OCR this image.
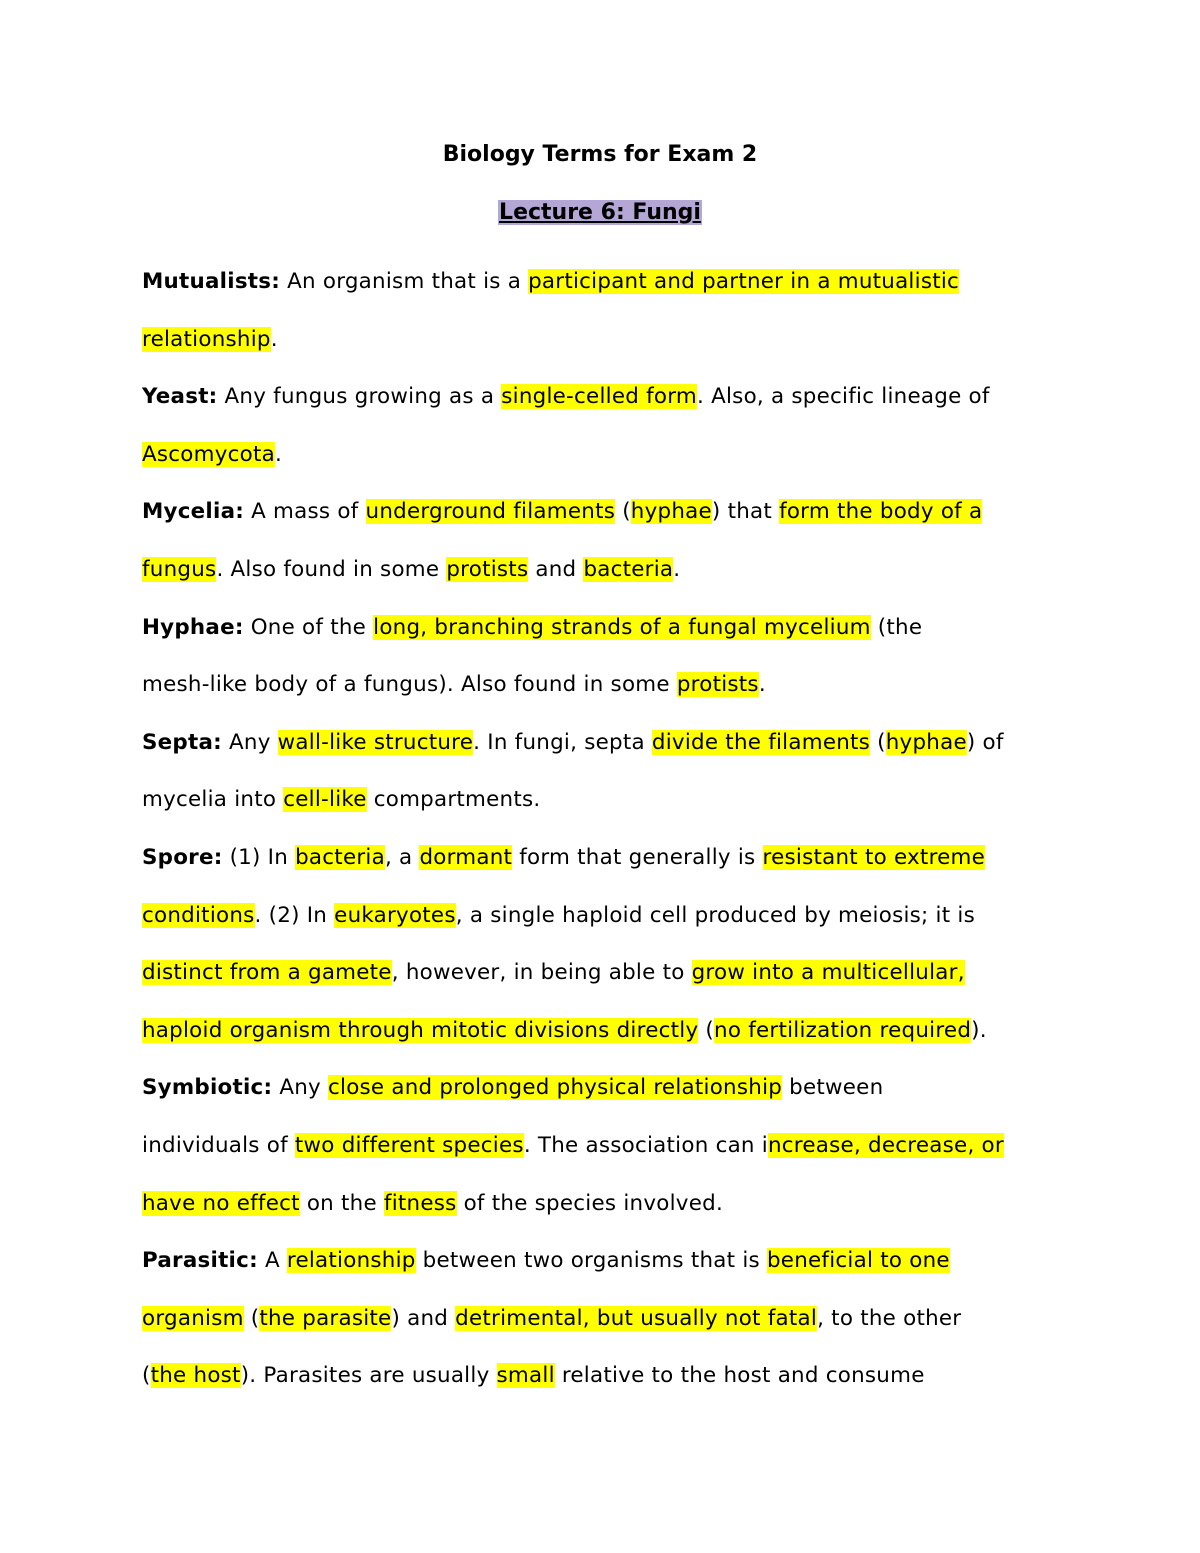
Biology Terms for Exam 2
Lecture 6: Fungi
Mutualists: An organism that is a participant and partner in a mutualistic
relationship.
Yeast: Any fungus growing as a single-celled form. Also, a specific lineage of
Ascomycota.
Mycelia: A mass of underground filaments (hyphae) that form the body of a
fungus. Also found in some protists and bacteria.
Hyphae: One of the long, branching strands of a fungal mycelium (the
mesh-like body of a fungus). Also found in some protists.
Septa: Any wall-like structure. In fungi, septa divide the filaments (hyphae) of
mycelia into cell-like compartments.
Spore: (1) In bacteria, a dormant form that generally is resistant to extreme
conditions. (2) In eukaryotes, a single haploid cell produced by meiosis; it is
distinct from a gamete, however, in being able to grow into a multicellular,
haploid organism through mitotic divisions directly (no fertilization required).
Symbiotic: Any close and prolonged physical relationship between
individuals of two different species. The association can increase, decrease, or
have no effect on the fitness of the species involved.
Parasitic: A relationship between two organisms that is beneficial to one
organism (the parasite) and detrimental, but usually not fatal, to the other
(the host). Parasites are usually small relative to the host and consume
